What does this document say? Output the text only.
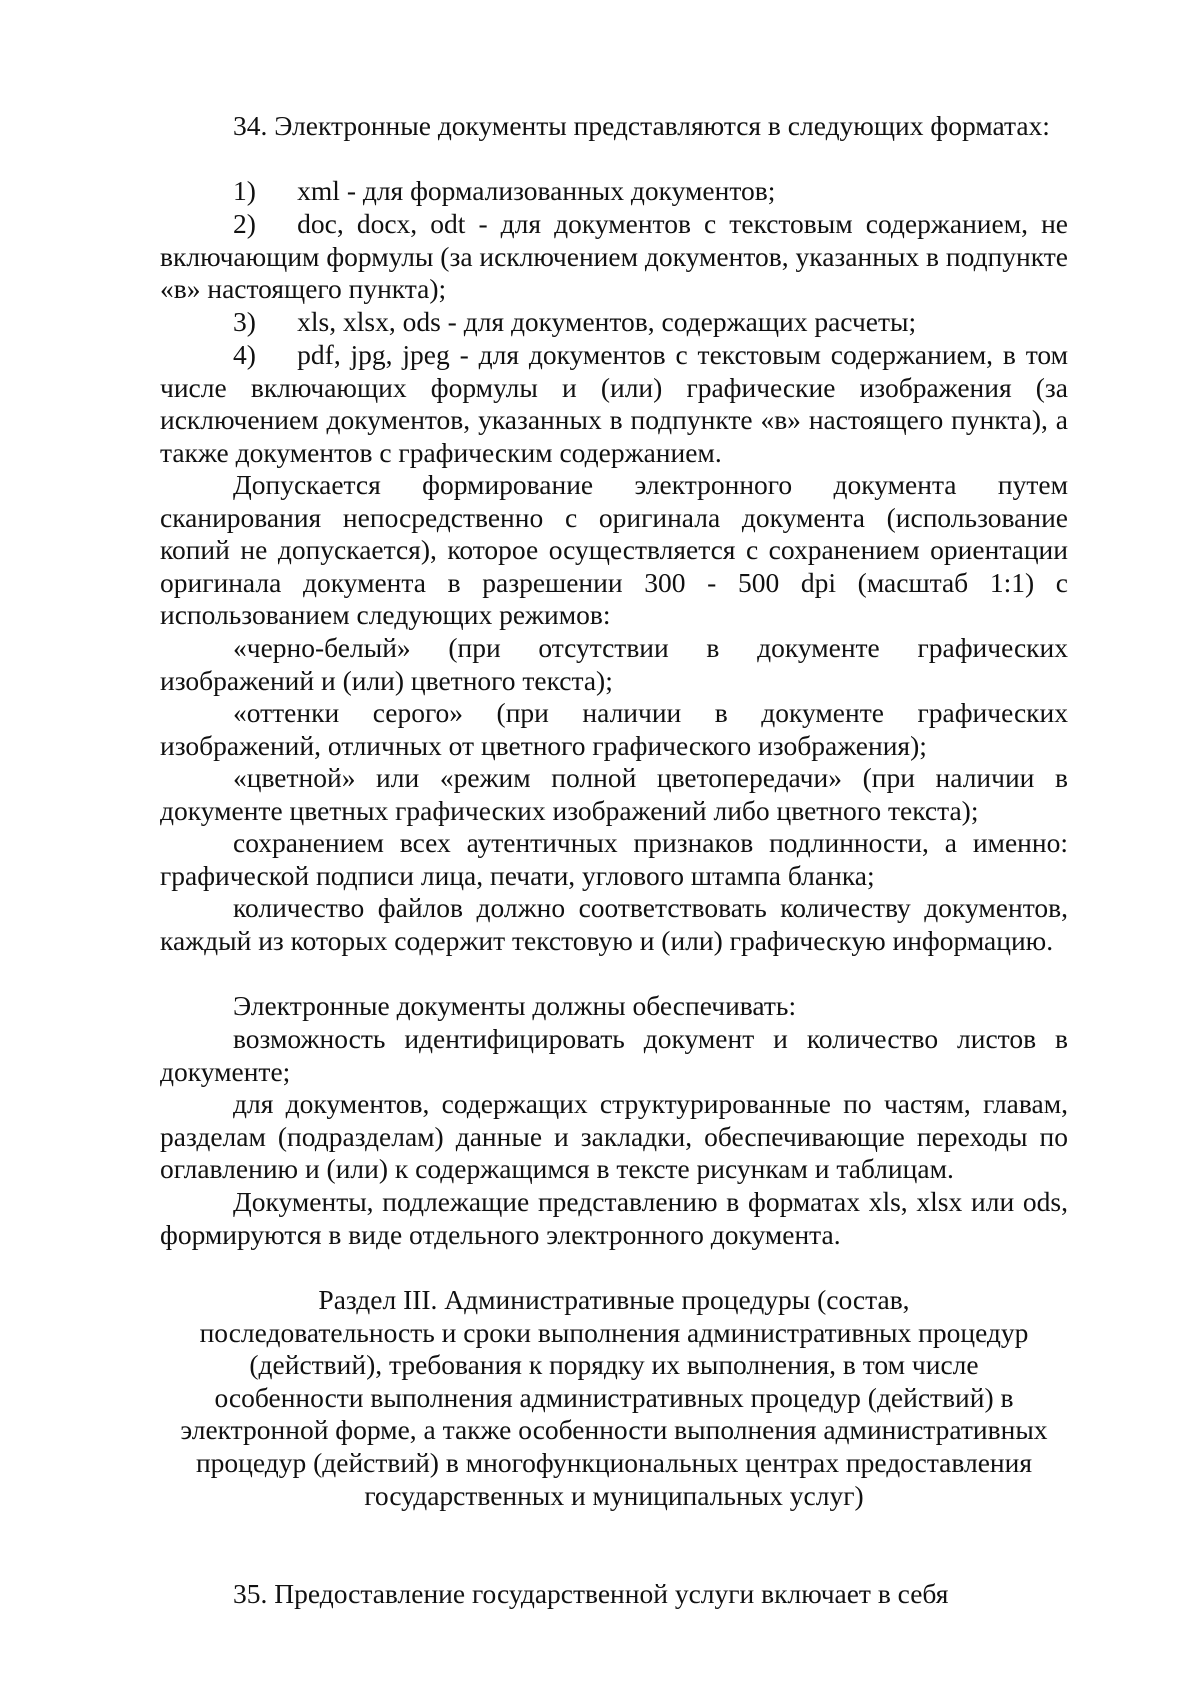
34. Электронные документы представляются в следующих форматах:

1)  xml - для формализованных документов;

2)  doc, docx, odt - для документов с текстовым содержанием, не включающим формулы (за исключением документов, указанных в подпункте «в» настоящего пункта);

3)  xls, xlsx, ods - для документов, содержащих расчеты;

4)  pdf, jpg, jpeg - для документов с текстовым содержанием, в том числе включающих формулы и (или) графические изображения (за исключением документов, указанных в подпункте «в» настоящего пункта), а также документов с графическим содержанием.

Допускается формирование электронного документа путем сканирования непосредственно с оригинала документа (использование копий не допускается), которое осуществляется с сохранением ориентации оригинала документа в разрешении 300 - 500 dpi (масштаб 1:1) с использованием следующих режимов:

«черно-белый» (при отсутствии в документе графических изображений и (или) цветного текста);

«оттенки серого» (при наличии в документе графических изображений, отличных от цветного графического изображения);

«цветной» или «режим полной цветопередачи» (при наличии в документе цветных графических изображений либо цветного текста);

сохранением всех аутентичных признаков подлинности, а именно: графической подписи лица, печати, углового штампа бланка;

количество файлов должно соответствовать количеству документов, каждый из которых содержит текстовую и (или) графическую информацию.

Электронные документы должны обеспечивать:

возможность идентифицировать документ и количество листов в документе;

для документов, содержащих структурированные по частям, главам, разделам (подразделам) данные и закладки, обеспечивающие переходы по оглавлению и (или) к содержащимся в тексте рисункам и таблицам.

Документы, подлежащие представлению в форматах xls, xlsx или ods, формируются в виде отдельного электронного документа.

Раздел III. Административные процедуры (состав,
последовательность и сроки выполнения административных процедур
(действий), требования к порядку их выполнения, в том числе
особенности выполнения административных процедур (действий) в
электронной форме, а также особенности выполнения административных
процедур (действий) в многофункциональных центрах предоставления
государственных и муниципальных услуг)

35. Предоставление государственной услуги включает в себя
